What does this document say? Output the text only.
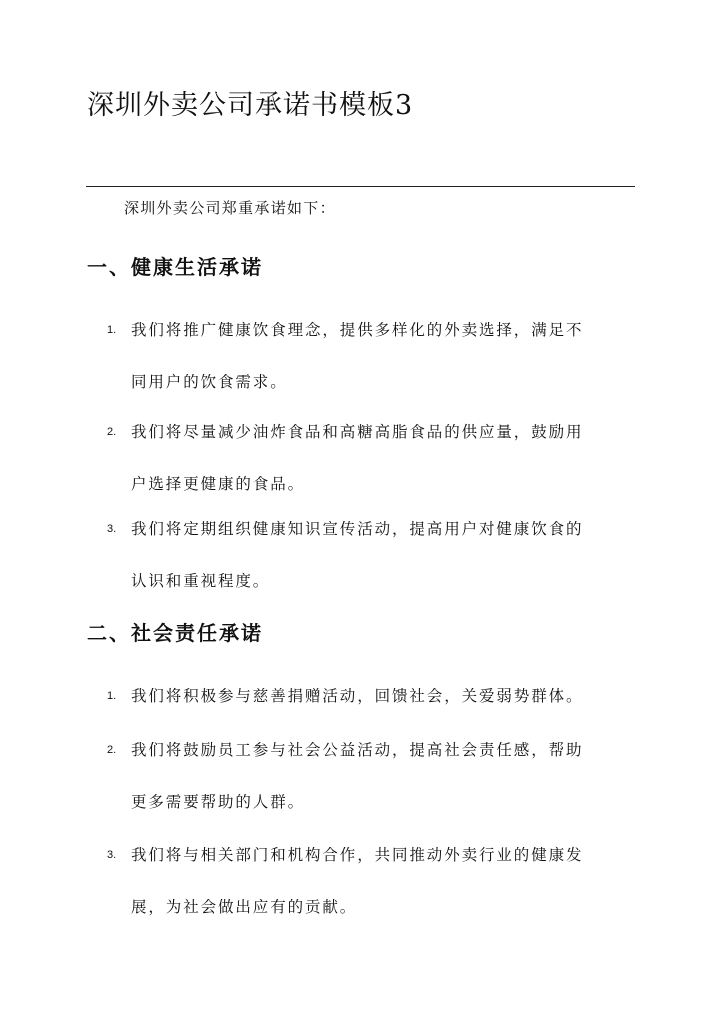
深圳外卖公司承诺书模板3

深圳外卖公司郑重承诺如下：

一、健康生活承诺
1. 我们将推广健康饮食理念，提供多样化的外卖选择，满足不

同用户的饮食需求。

2. 我们将尽量减少油炸食品和高糖高脂食品的供应量，鼓励用

户选择更健康的食品。

3. 我们将定期组织健康知识宣传活动，提高用户对健康饮食的

认识和重视程度。

二、社会责任承诺
1. 我们将积极参与慈善捐赠活动，回馈社会，关爱弱势群体。

2. 我们将鼓励员工参与社会公益活动，提高社会责任感，帮助

更多需要帮助的人群。

3. 我们将与相关部门和机构合作，共同推动外卖行业的健康发

展，为社会做出应有的贡献。
